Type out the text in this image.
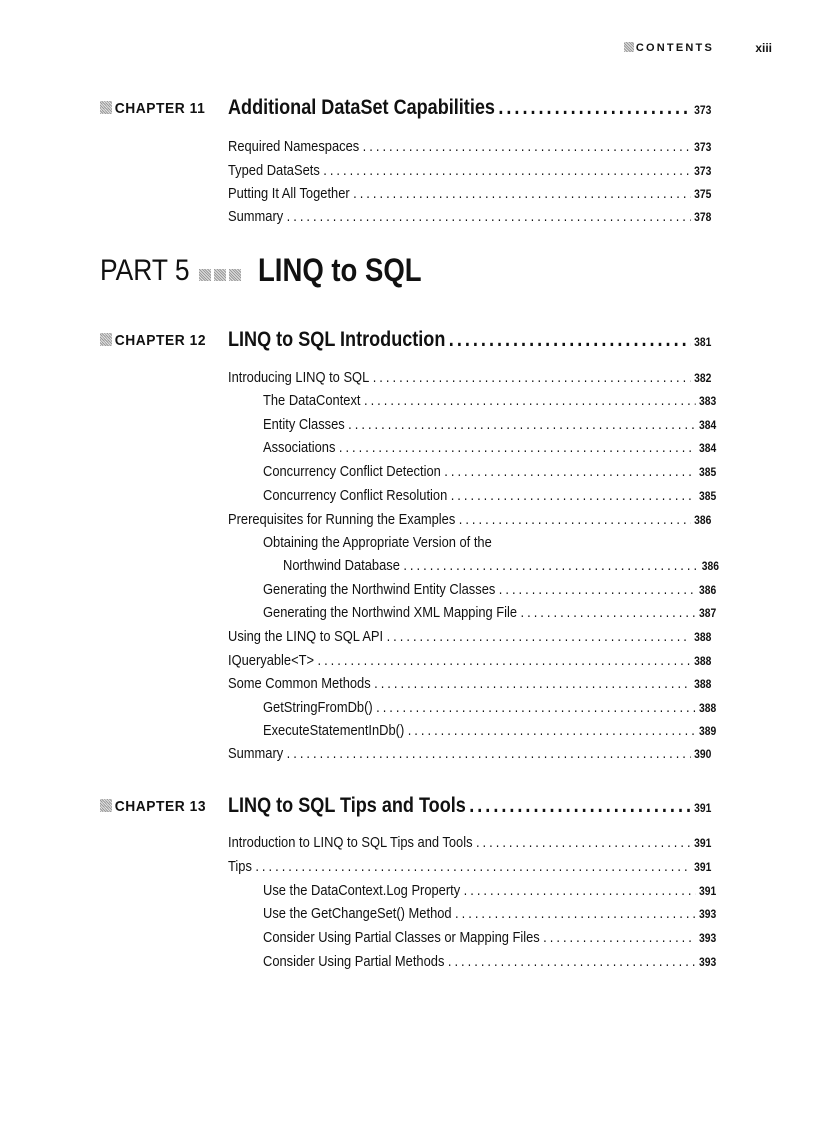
CONTENTS	xiii
CHAPTER 11 Additional DataSet Capabilities .....	373
Required Namespaces .....	373
Typed DataSets .....	373
Putting It All Together .....	375
Summary .....	378
PART 5 LINQ to SQL
CHAPTER 12 LINQ to SQL Introduction .....	381
Introducing LINQ to SQL .....	382
The DataContext .....	383
Entity Classes .....	384
Associations .....	384
Concurrency Conflict Detection .....	385
Concurrency Conflict Resolution .....	385
Prerequisites for Running the Examples .....	386
Obtaining the Appropriate Version of the
Northwind Database .....	386
Generating the Northwind Entity Classes .....	386
Generating the Northwind XML Mapping File .....	387
Using the LINQ to SQL API .....	388
IQueryable<T> .....	388
Some Common Methods .....	388
GetStringFromDb() .....	388
ExecuteStatementInDb() .....	389
Summary .....	390
CHAPTER 13 LINQ to SQL Tips and Tools .....	391
Introduction to LINQ to SQL Tips and Tools .....	391
Tips .....	391
Use the DataContext.Log Property .....	391
Use the GetChangeSet() Method .....	393
Consider Using Partial Classes or Mapping Files .....	393
Consider Using Partial Methods .....	393
